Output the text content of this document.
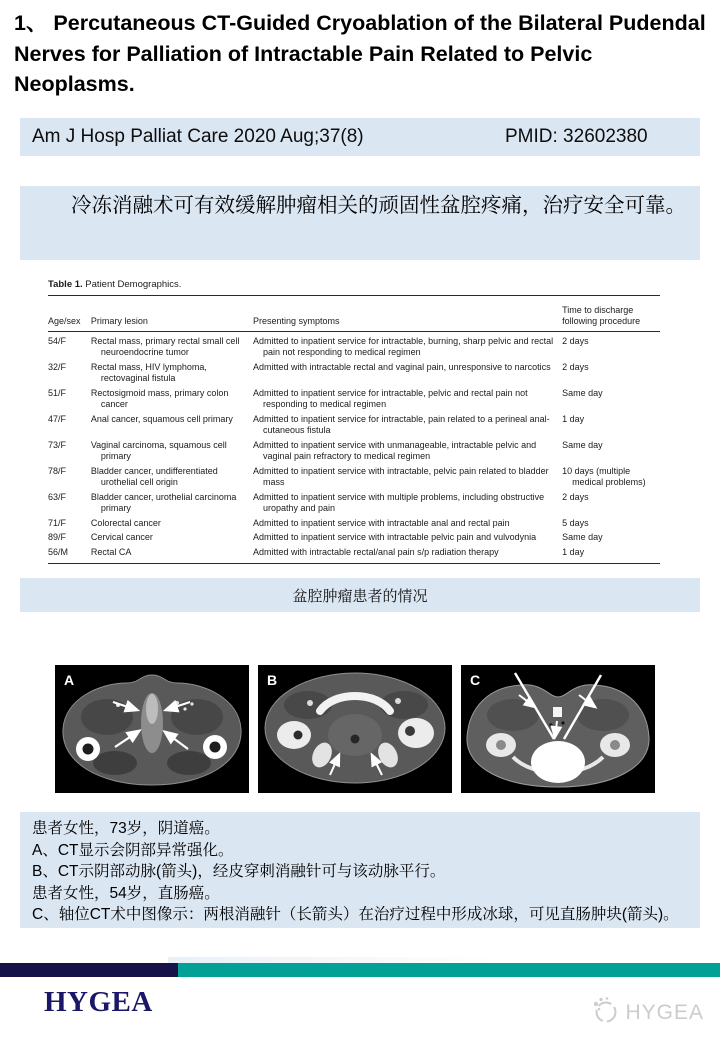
1、 Percutaneous CT-Guided Cryoablation of the Bilateral Pudendal Nerves for Palliation of Intractable Pain Related to Pelvic Neoplasms.
Am J Hosp Palliat Care 2020 Aug;37(8)	PMID: 32602380

冷冻消融术可有效缓解肿瘤相关的顽固性盆腔疼痛，治疗安全可靠。

Table 1. Patient Demographics.
Age/sex	Primary lesion	Presenting symptoms	Time to discharge following procedure
54/F	Rectal mass, primary rectal small cell neuroendocrine tumor	Admitted to inpatient service for intractable, burning, sharp pelvic and rectal pain not responding to medical regimen	2 days
32/F	Rectal mass, HIV lymphoma, rectovaginal fistula	Admitted with intractable rectal and vaginal pain, unresponsive to narcotics	2 days
51/F	Rectosigmoid mass, primary colon cancer	Admitted to inpatient service for intractable, pelvic and rectal pain not responding to medical regimen	Same day
47/F	Anal cancer, squamous cell primary	Admitted to inpatient service for intractable, pain related to a perineal anal-cutaneous fistula	1 day
73/F	Vaginal carcinoma, squamous cell primary	Admitted to inpatient service with unmanageable, intractable pelvic and vaginal pain refractory to medical regimen	Same day
78/F	Bladder cancer, undifferentiated urothelial cell origin	Admitted to inpatient service with intractable, pelvic pain related to bladder mass	10 days (multiple medical problems)
63/F	Bladder cancer, urothelial carcinoma primary	Admitted to inpatient service with multiple problems, including obstructive uropathy and pain	2 days
71/F	Colorectal cancer	Admitted to inpatient service with intractable anal and rectal pain	5 days
89/F	Cervical cancer	Admitted to inpatient service with intractable pelvic pain and vulvodynia	Same day
56/M	Rectal CA	Admitted with intractable rectal/anal pain s/p radiation therapy	1 day
盆腔肿瘤患者的情况
A	B	C
患者女性，73岁，阴道癌。
A、CT显示会阴部异常强化。
B、CT示阴部动脉(箭头)，经皮穿刺消融针可与该动脉平行。
患者女性，54岁，直肠癌。
C、轴位CT术中图像示：两根消融针（长箭头）在治疗过程中形成冰球，可见直肠肿块(箭头)。
HYGEA	HYGEA
